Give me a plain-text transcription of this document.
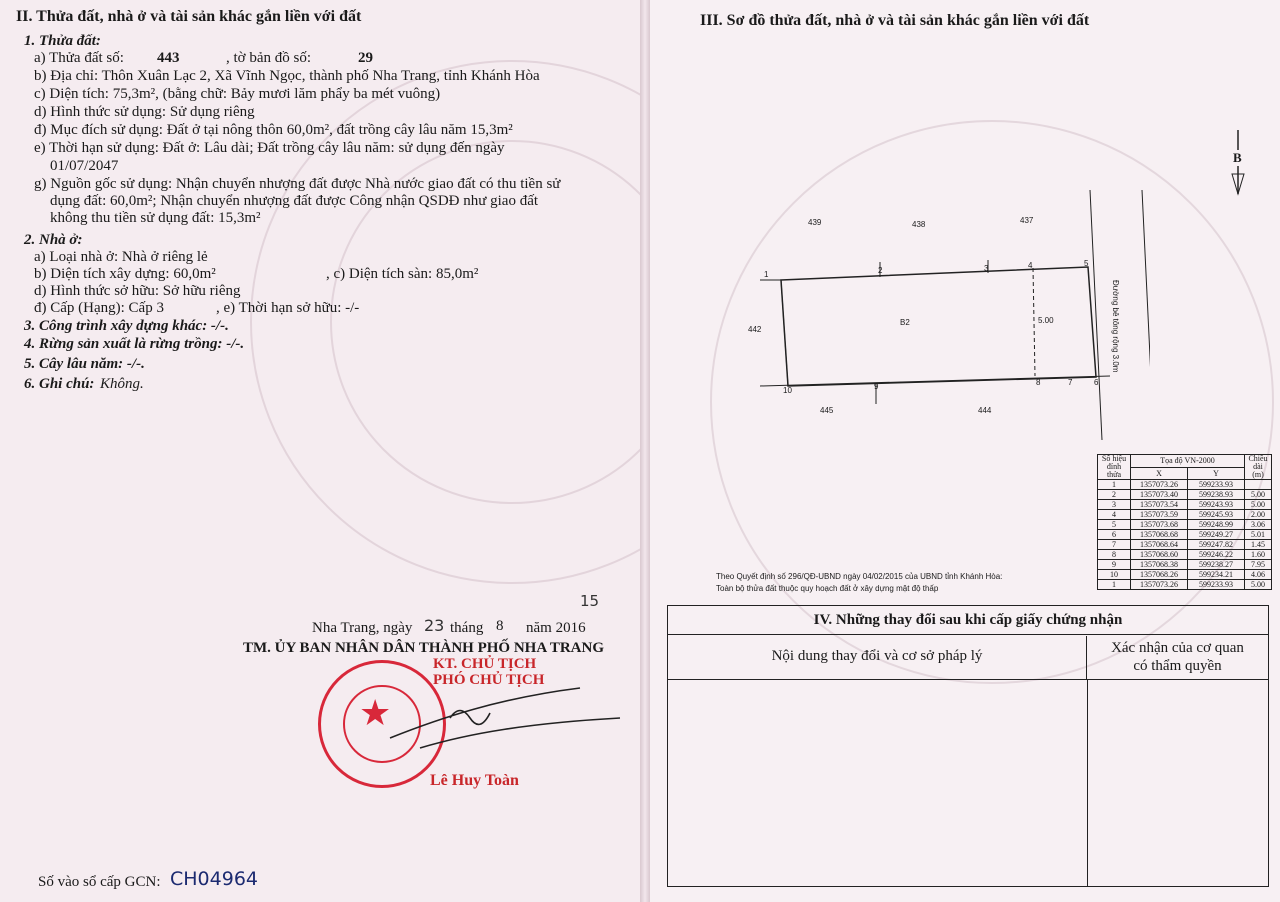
II. Thửa đất, nhà ở và tài sản khác gắn liền với đất
1. Thửa đất:
a) Thửa đất số: 443	, tờ bản đồ số:	29
b) Địa chỉ: Thôn Xuân Lạc 2, Xã Vĩnh Ngọc, thành phố Nha Trang, tỉnh Khánh Hòa
c) Diện tích: 75,3m², (bằng chữ: Bảy mươi lăm phẩy ba mét vuông)
d) Hình thức sử dụng: Sử dụng riêng
đ) Mục đích sử dụng: Đất ở tại nông thôn 60,0m², đất trồng cây lâu năm 15,3m²
e) Thời hạn sử dụng: Đất ở: Lâu dài; Đất trồng cây lâu năm: sử dụng đến ngày
01/07/2047
g) Nguồn gốc sử dụng: Nhận chuyển nhượng đất được Nhà nước giao đất có thu tiền sử
dụng đất: 60,0m²; Nhận chuyển nhượng đất được Công nhận QSDĐ như giao đất
không thu tiền sử dụng đất: 15,3m²
2. Nhà ở:
a) Loại nhà ở: Nhà ở riêng lẻ
b) Diện tích xây dựng: 60,0m²	, c) Diện tích sàn: 85,0m²
d) Hình thức sở hữu: Sở hữu riêng
đ) Cấp (Hạng): Cấp 3	, e) Thời hạn sở hữu: -/-
3. Công trình xây dựng khác: -/-.
4. Rừng sản xuất là rừng trồng: -/-.
5. Cây lâu năm: -/-.
6. Ghi chú: Không.
Nha Trang, ngày 23 tháng 8 năm 2016
15
TM. ỦY BAN NHÂN DÂN THÀNH PHỐ NHA TRANG
KT. CHỦ TỊCH
PHÓ CHỦ TỊCH
★
Lê Huy Toàn
Số vào sổ cấp GCN: CH04964
III. Sơ đồ thửa đất, nhà ở và tài sản khác gắn liền với đất
B
439	438	437
442
445	444
B2	5.00
1	2	3	4	5
6
7
8
9
10
Đường bê tông rộng 3.0m
Số hiệu đỉnh thửa	Tọa độ VN-2000		Chiều dài (m)
	X	Y	
1	1357073.26	599233.93	
2	1357073.40	599238.93	5.00
3	1357073.54	599243.93	5.00
4	1357073.59	599245.93	2.00
5	1357073.68	599248.99	3.06
6	1357068.68	599249.27	5.01
7	1357068.64	599247.82	1.45
8	1357068.60	599246.22	1.60
9	1357068.38	599238.27	7.95
10	1357068.26	599234.21	4.06
1	1357073.26	599233.93	5.00
Theo Quyết định số 296/QĐ-UBND ngày 04/02/2015 của UBND tỉnh Khánh Hòa:
Toàn bộ thửa đất thuộc quy hoạch đất ở xây dựng mật độ thấp
IV. Những thay đổi sau khi cấp giấy chứng nhận
Nội dung thay đổi và cơ sở pháp lý	Xác nhận của cơ quan
có thẩm quyền
